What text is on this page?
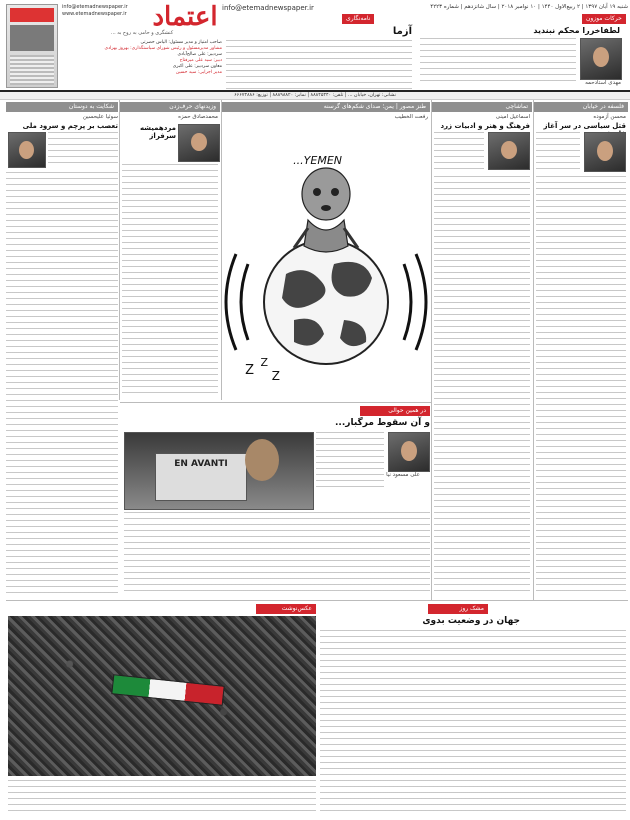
info@etemadnewspaper.ir
www.etemadnewspaper.ir اعتماد
کنشگری و حامی به روح به ...
صاحب امتیاز و مدیر مسئول: الیاس حضرتی
مشاور مدیرمسئول و رئیس شورای سیاستگذاری: بهروز بهزادی
سردبیر: علی صالح‌آبادی
دبیر: سید علی میرفتاح
معاون سردبیر: علی اکبری
مدیر اجرایی: سید حسین
info@etemadnewspaper.ir	شنبه ۱۹ آبان ۱۳۹۷ | ۲ ربیع‌الاول ۱۴۴۰ | ۱۰ نوامبر ۲۰۱۸ | سال شانزدهم | شماره ۴۲۲۳
نامه‌نگاری
آزما
حرکات موزون
لطفاخررا محکم نبندید
مهدی استادحمه
نشانی: تهران، خیابان ... | تلفن: ۸۸۸۴۵۳۴۰ | نمابر: ۸۸۸۹۸۸۲۰ | توزیع: ۶۶۶۷۳۸۸۶
فلسفه در خیابان
تماشاچی
طنز مصور | یمن؛ صدای شکم‌های گرسنه
وزیدنهای حرف‌زدن
شکایت به دوستان
محسن آزموده
قتل سیاسی در سر آغاز
اسماعیل امینی
فرهنگ و هنر و ادبیات زرد
رفعت الخطیب
Z
Z
Z
YEMEN...
محمدصادق حمزه
مردهمیشه سرفراز
سوئیا علیحسین
تعصب بر پرچم و سرود ملی
در همین حوالی
و آن سقوط مرگبار...
علی مسعود نیا
EN AVANTI
مشک روز
جهان در وضعیت بدوی
عکس‌نوشت
